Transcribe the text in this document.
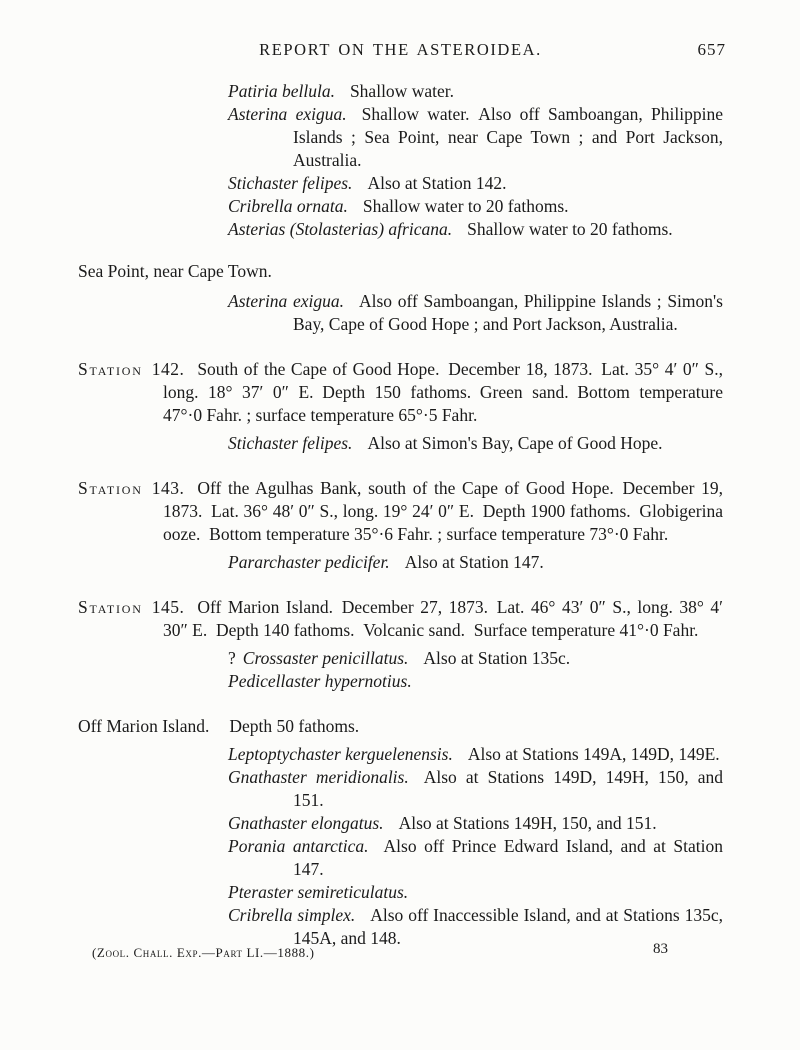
REPORT ON THE ASTEROIDEA.	657

Patiria bellula. Shallow water.

Asterina exigua. Shallow water. Also off Samboangan, Philippine Islands ; Sea Point, near Cape Town ; and Port Jackson, Australia.

Stichaster felipes. Also at Station 142.

Cribrella ornata. Shallow water to 20 fathoms.

Asterias (Stolasterias) africana. Shallow water to 20 fathoms.

Sea Point, near Cape Town.

Asterina exigua. Also off Samboangan, Philippine Islands ; Simon's Bay, Cape of Good Hope ; and Port Jackson, Australia.

Station 142. South of the Cape of Good Hope. December 18, 1873. Lat. 35° 4′ 0″ S., long. 18° 37′ 0″ E. Depth 150 fathoms. Green sand. Bottom temperature 47°·0 Fahr. ; surface temperature 65°·5 Fahr.

Stichaster felipes. Also at Simon's Bay, Cape of Good Hope.

Station 143. Off the Agulhas Bank, south of the Cape of Good Hope. December 19, 1873. Lat. 36° 48′ 0″ S., long. 19° 24′ 0″ E. Depth 1900 fathoms. Globigerina ooze. Bottom temperature 35°·6 Fahr. ; surface temperature 73°·0 Fahr.

Pararchaster pedicifer. Also at Station 147.

Station 145. Off Marion Island. December 27, 1873. Lat. 46° 43′ 0″ S., long. 38° 4′ 30″ E. Depth 140 fathoms. Volcanic sand. Surface temperature 41°·0 Fahr.

? Crossaster penicillatus. Also at Station 135c.

Pedicellaster hypernotius.

Off Marion Island. Depth 50 fathoms.

Leptoptychaster kerguelenensis. Also at Stations 149A, 149D, 149E.

Gnathaster meridionalis. Also at Stations 149D, 149H, 150, and 151.

Gnathaster elongatus. Also at Stations 149H, 150, and 151.

Porania antarctica. Also off Prince Edward Island, and at Station 147.

Pteraster semireticulatus.

Cribrella simplex. Also off Inaccessible Island, and at Stations 135c, 145A, and 148.

(Zool. Chall. Exp.—Part LI.—1888.)	83
